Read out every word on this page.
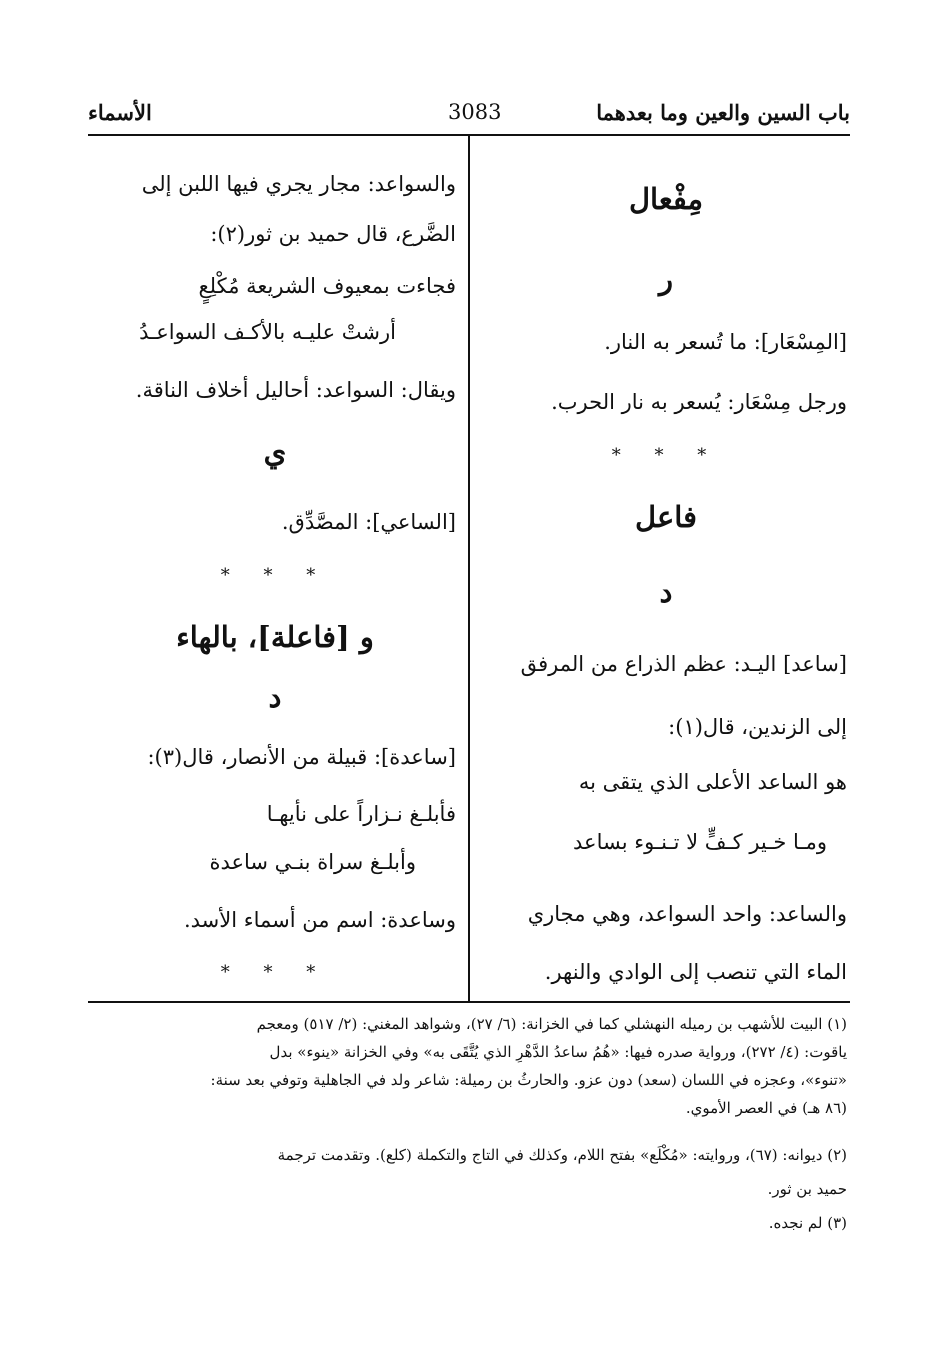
باب السين والعين وما بعدهما
3083
الأسماء
مِفْعال
ر
[المِسْعَار]: ما تُسعر به النار.
ورجل مِسْعَار: يُسعر به نار الحرب.
* * *
فاعل
د
[ساعد] اليـد: عظم الذراع من المرفق
إلى الزندين، قال(١):
هو الساعد الأعلى الذي يتقى به
ومـا خـير كـفٍّ لا تـنـوء بساعد
والساعد: واحد السواعد، وهي مجاري
الماء التي تنصب إلى الوادي والنهر.
والسواعد: مجار يجري فيها اللبن إلى
الضَّرع، قال حميد بن ثور(٢):
فجاءت بمعيوف الشريعة مُكْلِعٍ
أرشتْ عليـه بالأكـف السواعـدُ
ويقال: السواعد: أحاليل أخلاف الناقة.
ي
[الساعي]: المصَّدِّق.
* * *
و [فاعلة]، بالهاء
د
[ساعدة]: قبيلة من الأنصار، قال(٣):
فأبلـغ نـزاراً على نأيهـا
وأبلـغ سراة بنـي ساعدة
وساعدة: اسم من أسماء الأسد.
* * *
(١) البيت للأشهب بن رميله النهشلي كما في الخزانة: (٦/ ٢٧)، وشواهد المغني: (٢/ ٥١٧) ومعجم
ياقوت: (٤/ ٢٧٢)، ورواية صدره فيها: «هُمُ ساعدُ الدَّهْرِ الذي يُتَّقَى به» وفي الخزانة «ينوء» بدل
«تنوء»، وعجزه في اللسان (سعد) دون عزو. والحارثُ بن رميلة: شاعر ولد في الجاهلية وتوفي بعد سنة:
(٨٦ هـ) في العصر الأموي.
(٢) ديوانه: (٦٧)، وروايته: «مُكْلَع» بفتح اللام، وكذلك في التاج والتكملة (كلع). وتقدمت ترجمة
حميد بن ثور.
(٣) لم نجده.
